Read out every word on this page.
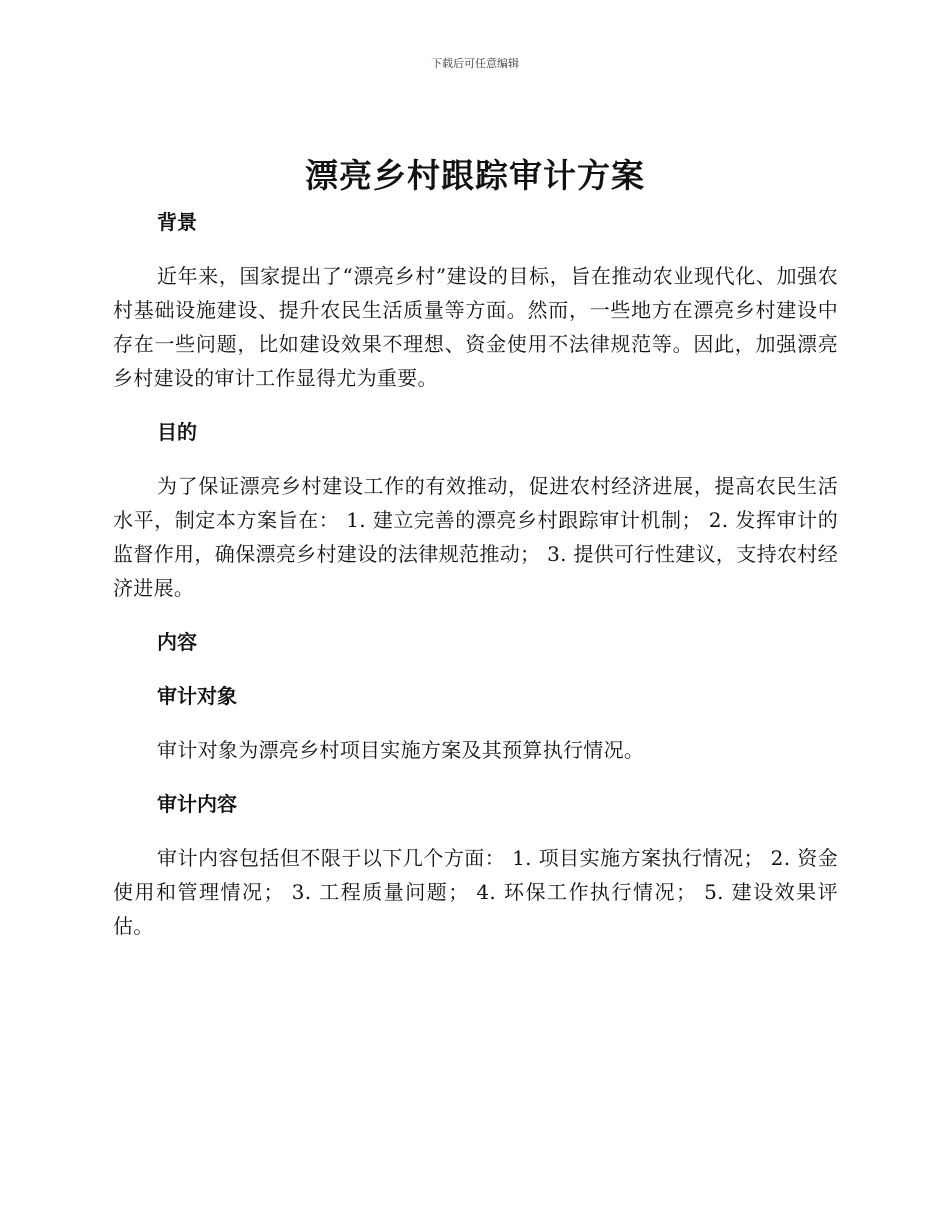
下载后可任意编辑
漂亮乡村跟踪审计方案
背景

近年来，国家提出了“漂亮乡村”建设的目标，旨在推动农业现代化、加强农村基础设施建设、提升农民生活质量等方面。然而，一些地方在漂亮乡村建设中存在一些问题，比如建设效果不理想、资金使用不法律规范等。因此，加强漂亮乡村建设的审计工作显得尤为重要。

目的

为了保证漂亮乡村建设工作的有效推动，促进农村经济进展，提高农民生活水平，制定本方案旨在： 1. 建立完善的漂亮乡村跟踪审计机制； 2. 发挥审计的监督作用，确保漂亮乡村建设的法律规范推动； 3. 提供可行性建议，支持农村经济进展。

内容
审计对象

审计对象为漂亮乡村项目实施方案及其预算执行情况。

审计内容

审计内容包括但不限于以下几个方面： 1. 项目实施方案执行情况； 2. 资金使用和管理情况； 3. 工程质量问题； 4. 环保工作执行情况； 5. 建设效果评估。
